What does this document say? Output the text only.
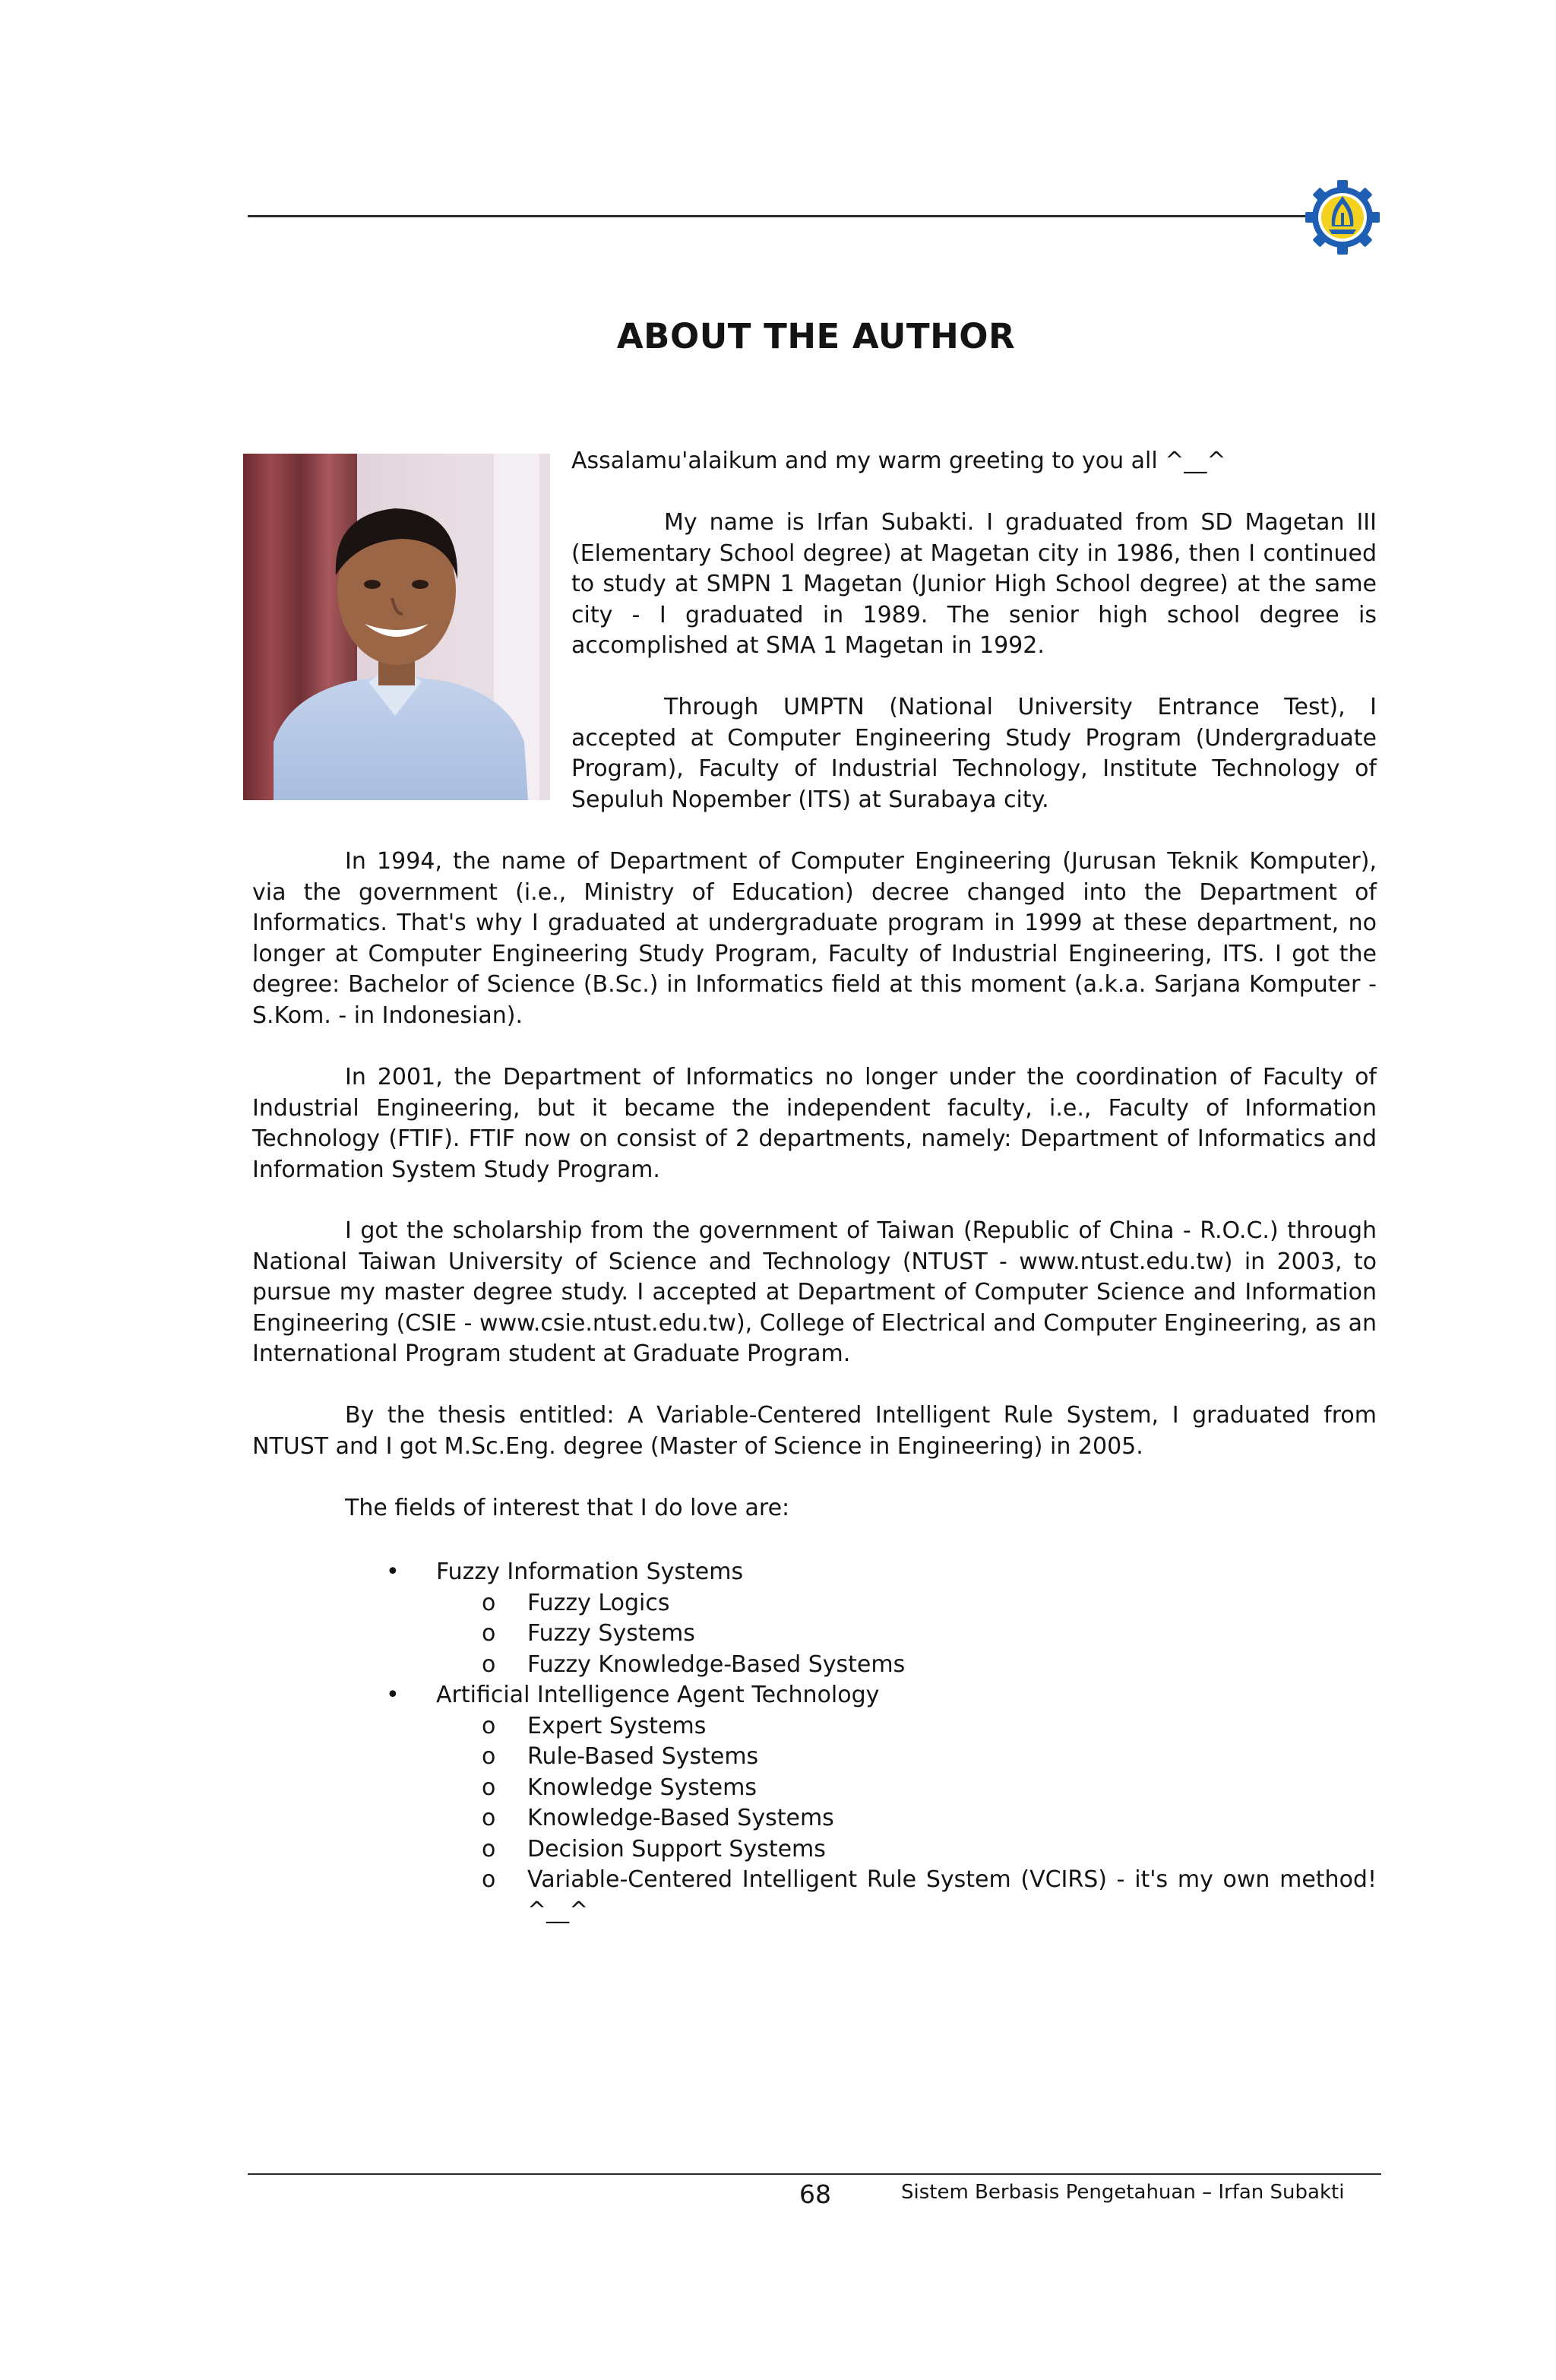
ABOUT THE AUTHOR
Assalamu'alaikum and my warm greeting to you all ^__^

My name is Irfan Subakti. I graduated from SD Magetan III (Elementary School degree) at Magetan city in 1986, then I continued to study at SMPN 1 Magetan (Junior High School degree) at the same city - I graduated in 1989. The senior high school degree is accomplished at SMA 1 Magetan in 1992.

Through UMPTN (National University Entrance Test), I accepted at Computer Engineering Study Program (Undergraduate Program), Faculty of Industrial Technology, Institute Technology of Sepuluh Nopember (ITS) at Surabaya city.

In 1994, the name of Department of Computer Engineering (Jurusan Teknik Komputer), via the government (i.e., Ministry of Education) decree changed into the Department of Informatics. That's why I graduated at undergraduate program in 1999 at these department, no longer at Computer Engineering Study Program, Faculty of Industrial Engineering, ITS. I got the degree: Bachelor of Science (B.Sc.) in Informatics field at this moment (a.k.a. Sarjana Komputer - S.Kom. - in Indonesian).

In 2001, the Department of Informatics no longer under the coordination of Faculty of Industrial Engineering, but it became the independent faculty, i.e., Faculty of Information Technology (FTIF). FTIF now on consist of 2 departments, namely: Department of Informatics and Information System Study Program.

I got the scholarship from the government of Taiwan (Republic of China - R.O.C.) through National Taiwan University of Science and Technology (NTUST - www.ntust.edu.tw) in 2003, to pursue my master degree study. I accepted at Department of Computer Science and Information Engineering (CSIE - www.csie.ntust.edu.tw), College of Electrical and Computer Engineering, as an International Program student at Graduate Program.

By the thesis entitled: A Variable-Centered Intelligent Rule System, I graduated from NTUST and I got M.Sc.Eng. degree (Master of Science in Engineering) in 2005.

The fields of interest that I do love are:

• Fuzzy Information Systems
o Fuzzy Logics
o Fuzzy Systems
o Fuzzy Knowledge-Based Systems
• Artificial Intelligence Agent Technology
o Expert Systems
o Rule-Based Systems
o Knowledge Systems
o Knowledge-Based Systems
o Decision Support Systems
o Variable-Centered Intelligent Rule System (VCIRS) - it's my own method! ^__^
68	Sistem Berbasis Pengetahuan – Irfan Subakti
